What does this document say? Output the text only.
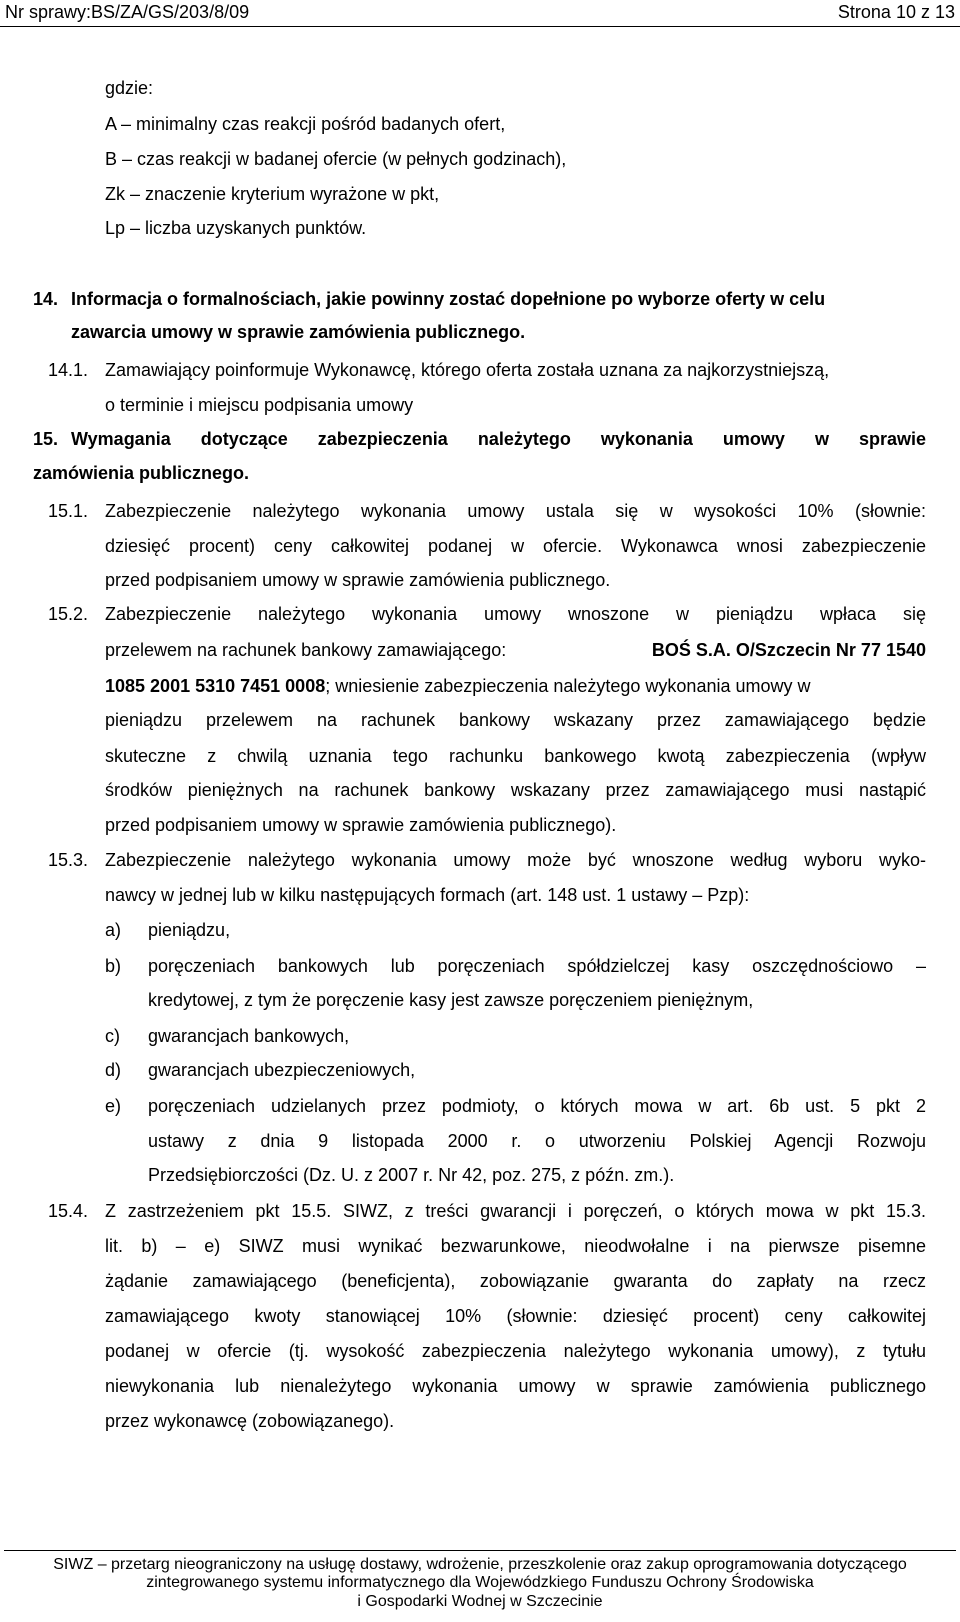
Nr sprawy:BS/ZA/GS/203/8/09	Strona 10 z 13
gdzie:
A – minimalny czas reakcji pośród badanych ofert,
B – czas reakcji w badanej ofercie (w pełnych godzinach),
Zk – znaczenie kryterium wyrażone w pkt,
Lp – liczba uzyskanych punktów.
14. Informacja o formalnościach, jakie powinny zostać dopełnione po wyborze oferty w celu
zawarcia umowy w sprawie zamówienia publicznego.
14.1. Zamawiający poinformuje Wykonawcę, którego oferta została uznana za najkorzystniejszą,
o terminie i miejscu podpisania umowy
15. Wymagania dotyczące zabezpieczenia należytego wykonania umowy w sprawie
zamówienia publicznego.
15.1. Zabezpieczenie należytego wykonania umowy ustala się w wysokości 10% (słownie:
dziesięć procent) ceny całkowitej podanej w ofercie. Wykonawca wnosi zabezpieczenie
przed podpisaniem umowy w sprawie zamówienia publicznego.
15.2. Zabezpieczenie należytego wykonania umowy wnoszone w pieniądzu wpłaca się
przelewem na rachunek bankowy zamawiającego:	BOŚ S.A. O/Szczecin Nr 77 1540
1085 2001 5310 7451 0008; wniesienie zabezpieczenia należytego wykonania umowy w
pieniądzu przelewem na rachunek bankowy wskazany przez zamawiającego będzie
skuteczne z chwilą uznania tego rachunku bankowego kwotą zabezpieczenia (wpływ
środków pieniężnych na rachunek bankowy wskazany przez zamawiającego musi nastąpić
przed podpisaniem umowy w sprawie zamówienia publicznego).
15.3. Zabezpieczenie należytego wykonania umowy może być wnoszone według wyboru wyko-
nawcy w jednej lub w kilku następujących formach (art. 148 ust. 1 ustawy – Pzp):
a) pieniądzu,
b) poręczeniach bankowych lub poręczeniach spółdzielczej kasy oszczędnościowo –
kredytowej, z tym że poręczenie kasy jest zawsze poręczeniem pieniężnym,
c) gwarancjach bankowych,
d) gwarancjach ubezpieczeniowych,
e) poręczeniach udzielanych przez podmioty, o których mowa w art. 6b ust. 5 pkt 2
ustawy z dnia 9 listopada 2000 r. o utworzeniu Polskiej Agencji Rozwoju
Przedsiębiorczości (Dz. U. z 2007 r. Nr 42, poz. 275, z późn. zm.).
15.4. Z zastrzeżeniem pkt 15.5. SIWZ, z treści gwarancji i poręczeń, o których mowa w pkt 15.3.
lit. b) – e) SIWZ musi wynikać bezwarunkowe, nieodwołalne i na pierwsze pisemne
żądanie zamawiającego (beneficjenta), zobowiązanie gwaranta do zapłaty na rzecz
zamawiającego kwoty stanowiącej 10% (słownie: dziesięć procent) ceny całkowitej
podanej w ofercie (tj. wysokość zabezpieczenia należytego wykonania umowy), z tytułu
niewykonania lub nienależytego wykonania umowy w sprawie zamówienia publicznego
przez wykonawcę (zobowiązanego).
SIWZ – przetarg nieograniczony na usługę dostawy, wdrożenie, przeszkolenie oraz zakup oprogramowania dotyczącego
zintegrowanego systemu informatycznego dla Wojewódzkiego Funduszu Ochrony Środowiska
i Gospodarki Wodnej w Szczecinie
